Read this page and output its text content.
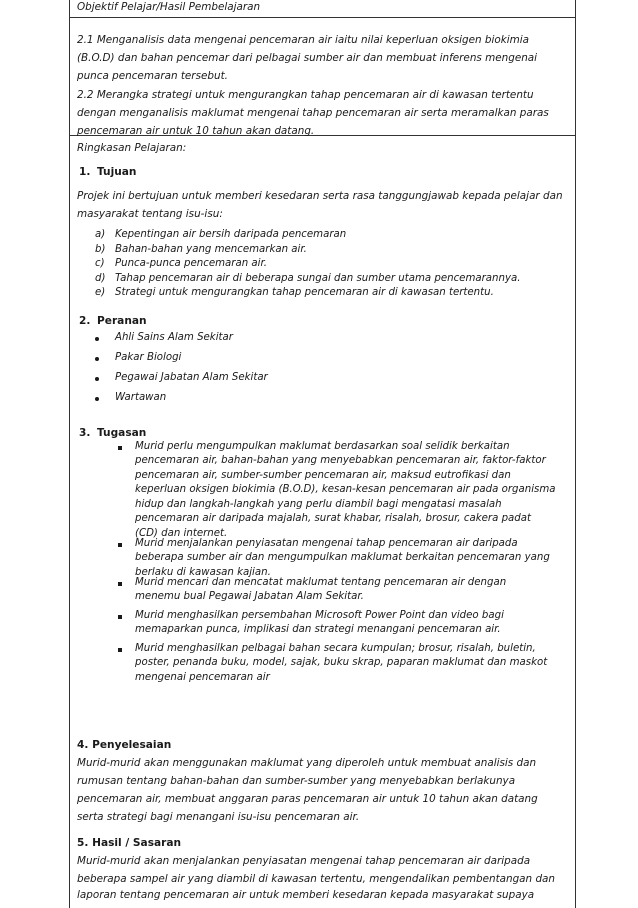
Objektif Pelajar/Hasil Pembelajaran
2.1 Menganalisis data mengenai pencemaran air iaitu nilai keperluan oksigen biokimia
(B.O.D) dan bahan pencemar dari pelbagai sumber air dan membuat inferens mengenai
punca pencemaran tersebut.
2.2 Merangka strategi untuk mengurangkan tahap pencemaran air di kawasan tertentu
dengan menganalisis maklumat mengenai tahap pencemaran air serta meramalkan paras
pencemaran air untuk 10 tahun akan datang.
Ringkasan Pelajaran:
1. Tujuan
Projek ini bertujuan untuk memberi kesedaran serta rasa tanggungjawab kepada pelajar dan
masyarakat tentang isu-isu:
a) Kepentingan air bersih daripada pencemaran
b) Bahan-bahan yang mencemarkan air.
c) Punca-punca pencemaran air.
d) Tahap pencemaran air di beberapa sungai dan sumber utama pencemarannya.
e) Strategi untuk mengurangkan tahap pencemaran air di kawasan tertentu.
2. Peranan
Ahli Sains Alam Sekitar
Pakar Biologi
Pegawai Jabatan Alam Sekitar
Wartawan
3. Tugasan
Murid perlu mengumpulkan maklumat berdasarkan soal selidik berkaitan
pencemaran air, bahan-bahan yang menyebabkan pencemaran air, faktor-faktor
pencemaran air, sumber-sumber pencemaran air, maksud eutrofikasi dan
keperluan oksigen biokimia (B.O.D), kesan-kesan pencemaran air pada organisma
hidup dan langkah-langkah yang perlu diambil bagi mengatasi masalah
pencemaran air daripada majalah, surat khabar, risalah, brosur, cakera padat
(CD) dan internet.
Murid menjalankan penyiasatan mengenai tahap pencemaran air daripada
beberapa sumber air dan mengumpulkan maklumat berkaitan pencemaran yang
berlaku di kawasan kajian.
Murid mencari dan mencatat maklumat tentang pencemaran air dengan
menemu bual Pegawai Jabatan Alam Sekitar.
Murid menghasilkan persembahan Microsoft Power Point dan video bagi
memaparkan punca, implikasi dan strategi menangani pencemaran air.
Murid menghasilkan pelbagai bahan secara kumpulan; brosur, risalah, buletin,
poster, penanda buku, model, sajak, buku skrap, paparan maklumat dan maskot
mengenai pencemaran air
4. Penyelesaian
Murid-murid akan menggunakan maklumat yang diperoleh untuk membuat analisis dan
rumusan tentang bahan-bahan dan sumber-sumber yang menyebabkan berlakunya
pencemaran air, membuat anggaran paras pencemaran air untuk 10 tahun akan datang
serta strategi bagi menangani isu-isu pencemaran air.
5. Hasil / Sasaran
Murid-murid akan menjalankan penyiasatan mengenai tahap pencemaran air daripada
beberapa sampel air yang diambil di kawasan tertentu, mengendalikan pembentangan dan
laporan tentang pencemaran air untuk memberi kesedaran kepada masyarakat supaya
